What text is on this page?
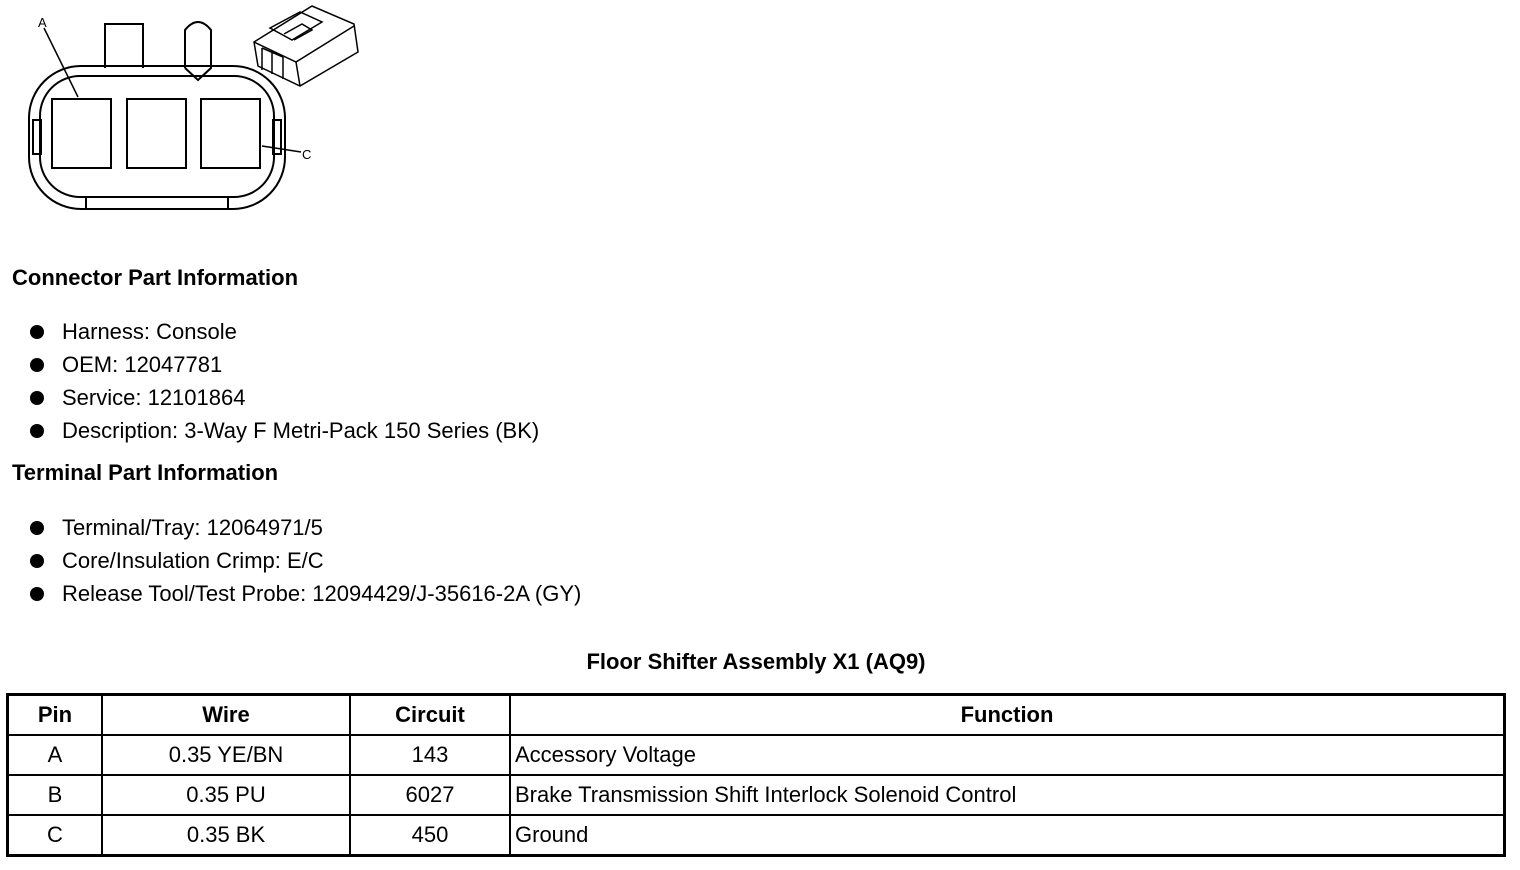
A
C
Connector Part Information
Harness: Console
OEM: 12047781
Service: 12101864
Description: 3-Way F Metri-Pack 150 Series (BK)
Terminal Part Information
Terminal/Tray: 12064971/5
Core/Insulation Crimp: E/C
Release Tool/Test Probe: 12094429/J-35616-2A (GY)
Floor Shifter Assembly X1 (AQ9)
Pin	Wire	Circuit	Function
A	0.35 YE/BN	143	Accessory Voltage
B	0.35 PU	6027	Brake Transmission Shift Interlock Solenoid Control
C	0.35 BK	450	Ground
